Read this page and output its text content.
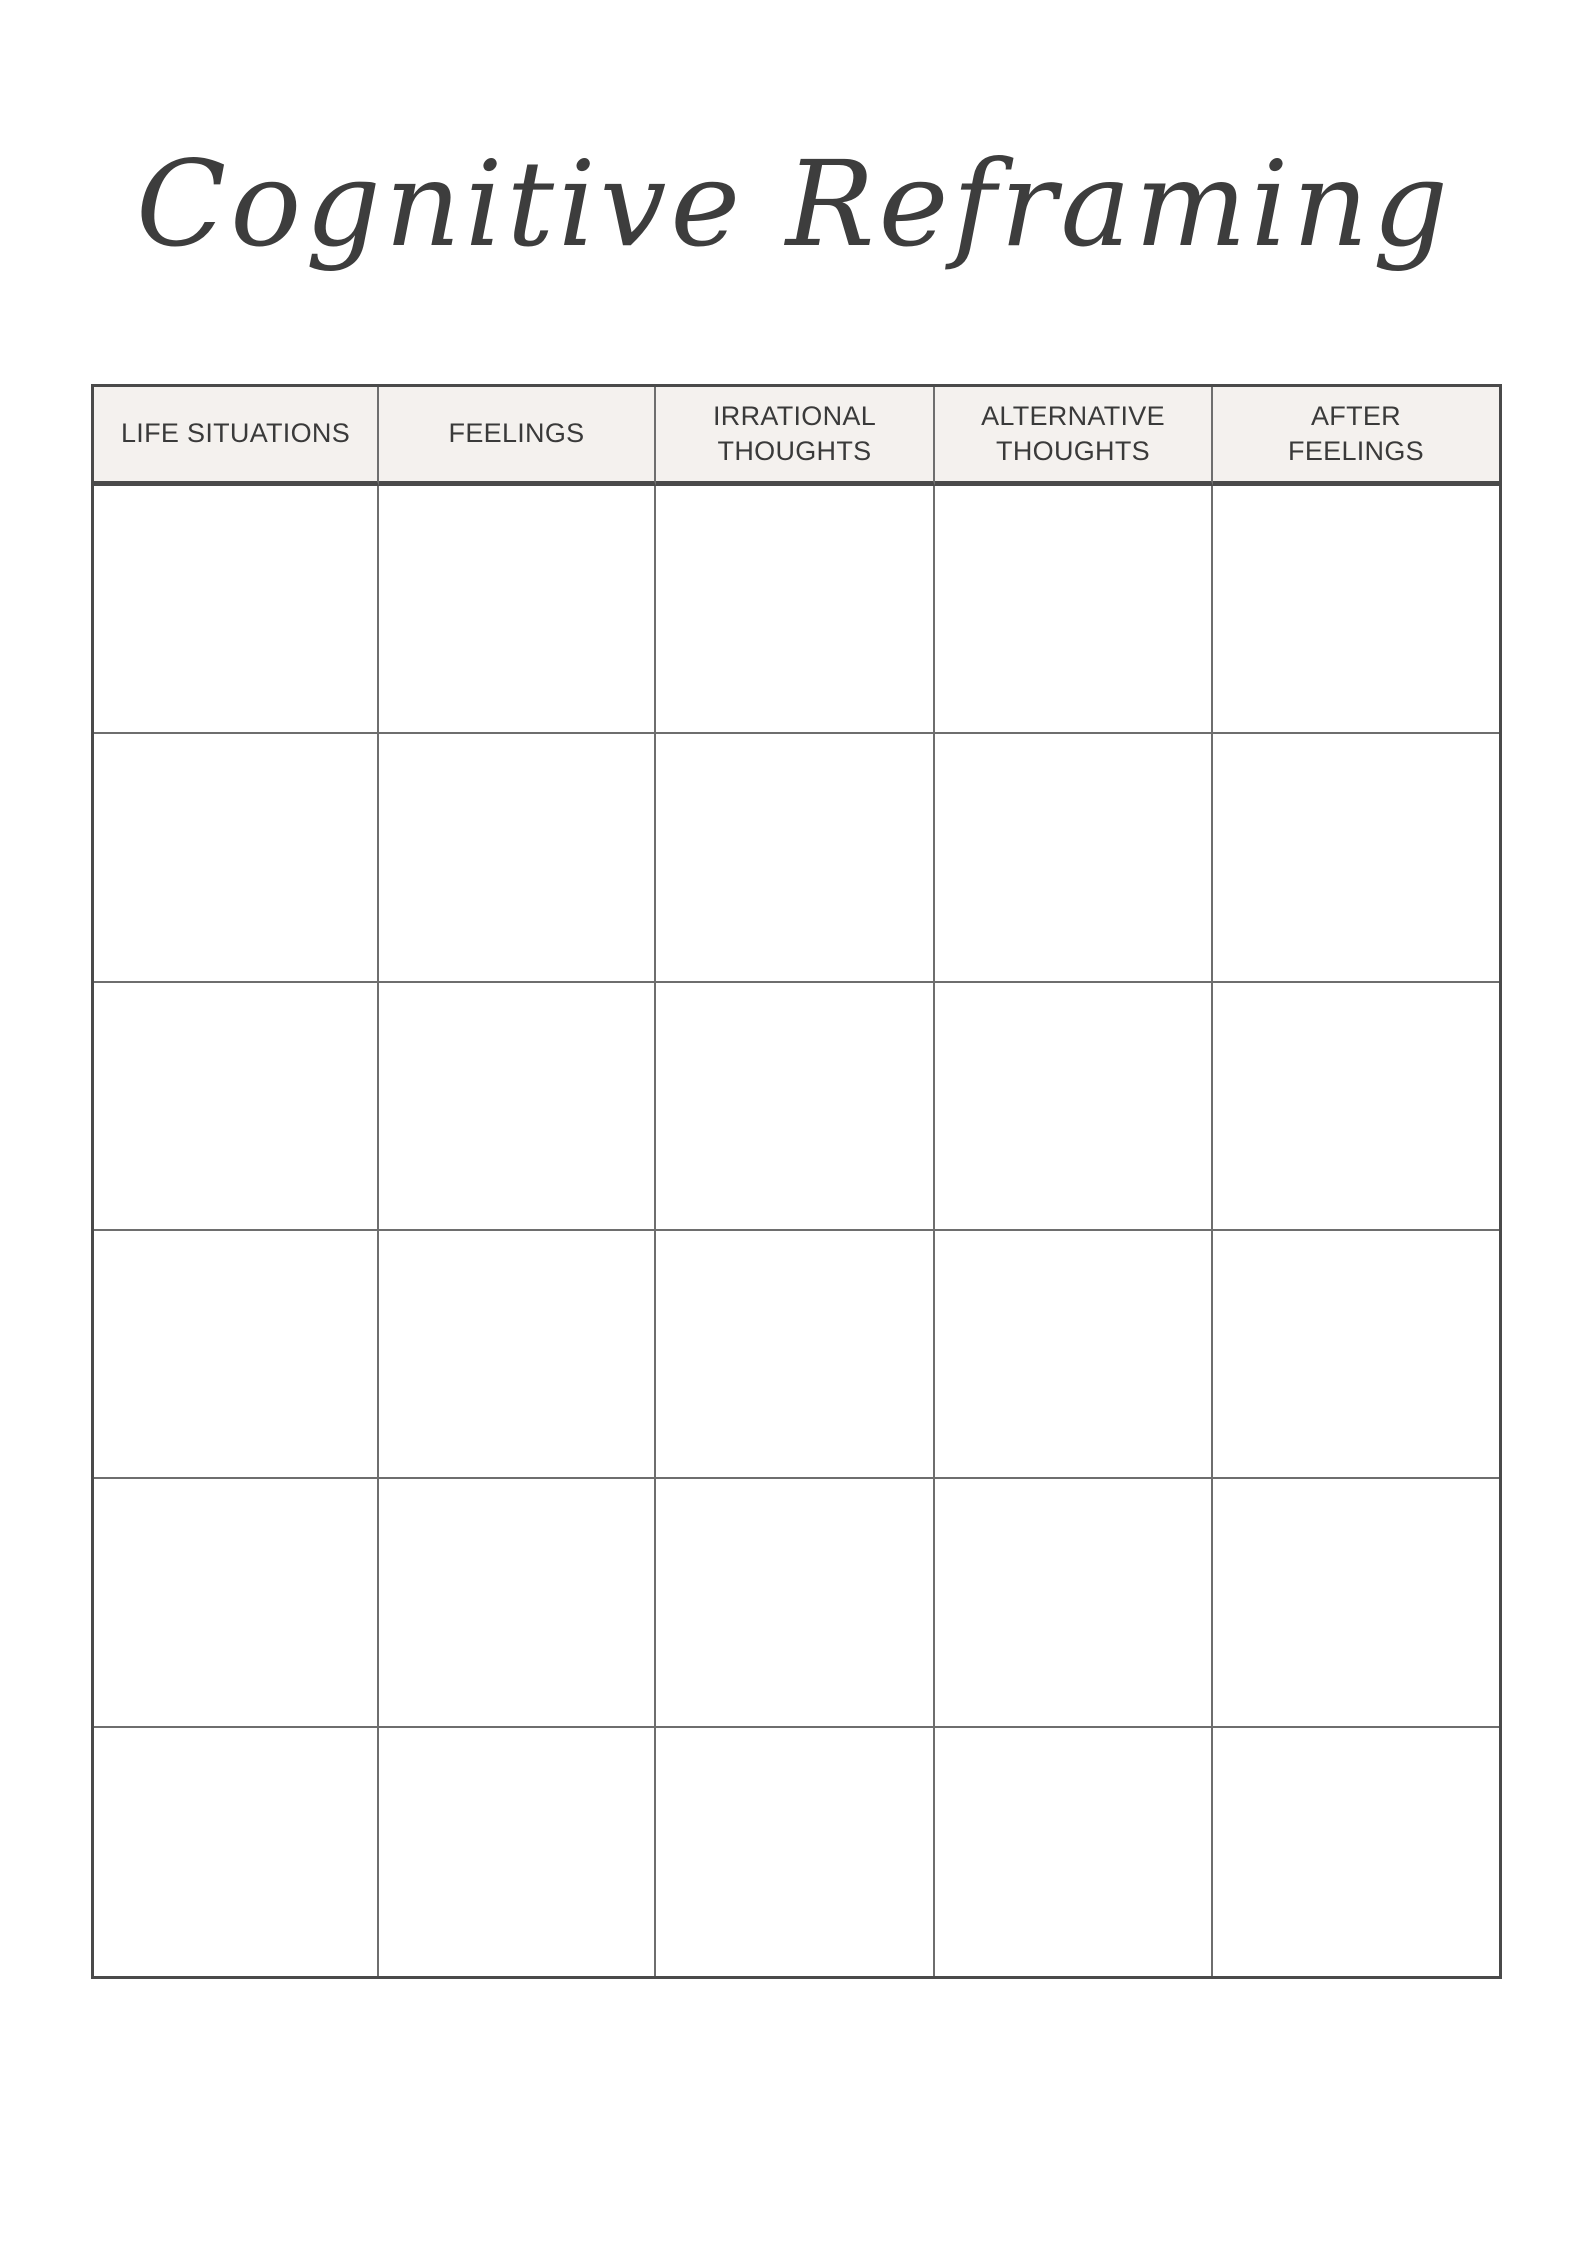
Cognitive Reframing
LIFE SITUATIONS	FEELINGS
IRRATIONAL
THOUGHTS
ALTERNATIVE
THOUGHTS
AFTER
FEELINGS
